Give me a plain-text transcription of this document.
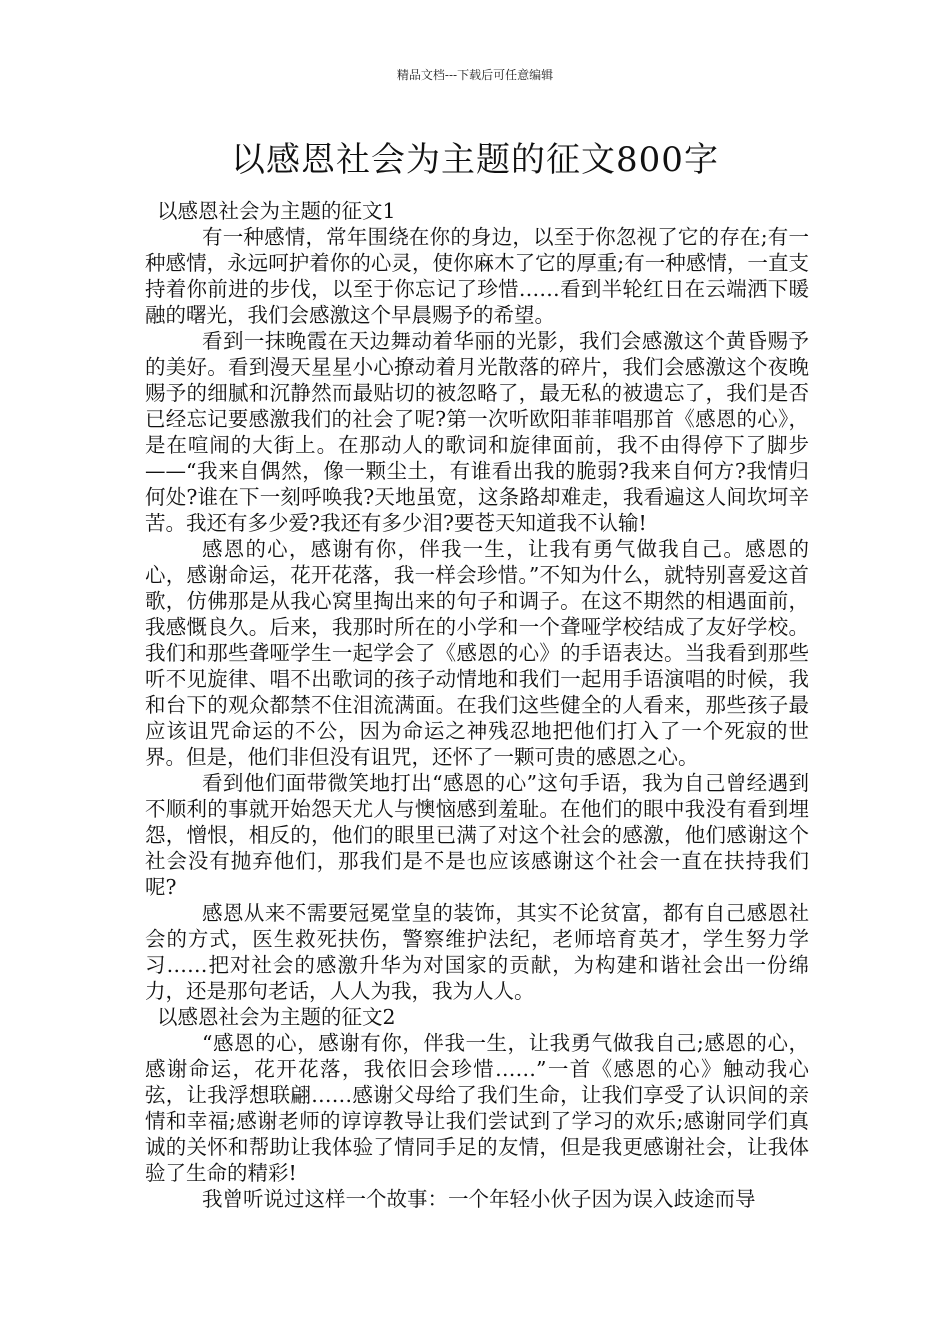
精品文档---下载后可任意编辑
以感恩社会为主题的征文800字

以感恩社会为主题的征文1

有一种感情，常年围绕在你的身边，以至于你忽视了它的存在;有一种感情，永远呵护着你的心灵，使你麻木了它的厚重;有一种感情，一直支持着你前进的步伐，以至于你忘记了珍惜……看到半轮红日在云端洒下暖融的曙光，我们会感激这个早晨赐予的希望。

看到一抹晚霞在天边舞动着华丽的光影，我们会感激这个黄昏赐予的美好。看到漫天星星小心撩动着月光散落的碎片，我们会感激这个夜晚赐予的细腻和沉静然而最贴切的被忽略了，最无私的被遗忘了，我们是否已经忘记要感激我们的社会了呢?第一次听欧阳菲菲唱那首《感恩的心》，是在喧闹的大街上。在那动人的歌词和旋律面前，我不由得停下了脚步——“我来自偶然，像一颗尘土，有谁看出我的脆弱?我来自何方?我情归何处?谁在下一刻呼唤我?天地虽宽，这条路却难走，我看遍这人间坎坷辛苦。我还有多少爱?我还有多少泪?要苍天知道我不认输!

感恩的心，感谢有你，伴我一生，让我有勇气做我自己。感恩的心，感谢命运，花开花落，我一样会珍惜。”不知为什么，就特别喜爱这首歌，仿佛那是从我心窝里掏出来的句子和调子。在这不期然的相遇面前，我感慨良久。后来，我那时所在的小学和一个聋哑学校结成了友好学校。我们和那些聋哑学生一起学会了《感恩的心》的手语表达。当我看到那些听不见旋律、唱不出歌词的孩子动情地和我们一起用手语演唱的时候，我和台下的观众都禁不住泪流满面。在我们这些健全的人看来，那些孩子最应该诅咒命运的不公，因为命运之神残忍地把他们打入了一个死寂的世界。但是，他们非但没有诅咒，还怀了一颗可贵的感恩之心。

看到他们面带微笑地打出“感恩的心”这句手语，我为自己曾经遇到不顺利的事就开始怨天尤人与懊恼感到羞耻。在他们的眼中我没有看到埋怨，憎恨，相反的，他们的眼里已满了对这个社会的感激，他们感谢这个社会没有抛弃他们，那我们是不是也应该感谢这个社会一直在扶持我们呢?

感恩从来不需要冠冕堂皇的装饰，其实不论贫富，都有自己感恩社会的方式，医生救死扶伤，警察维护法纪，老师培育英才，学生努力学习……把对社会的感激升华为对国家的贡献，为构建和谐社会出一份绵力，还是那句老话，人人为我，我为人人。

以感恩社会为主题的征文2

“感恩的心，感谢有你，伴我一生，让我勇气做我自己;感恩的心，感谢命运，花开花落，我依旧会珍惜……”一首《感恩的心》触动我心弦，让我浮想联翩……感谢父母给了我们生命，让我们享受了认识间的亲情和幸福;感谢老师的谆谆教导让我们尝试到了学习的欢乐;感谢同学们真诚的关怀和帮助让我体验了情同手足的友情，但是我更感谢社会，让我体验了生命的精彩!

我曾听说过这样一个故事：一个年轻小伙子因为误入歧途而导
